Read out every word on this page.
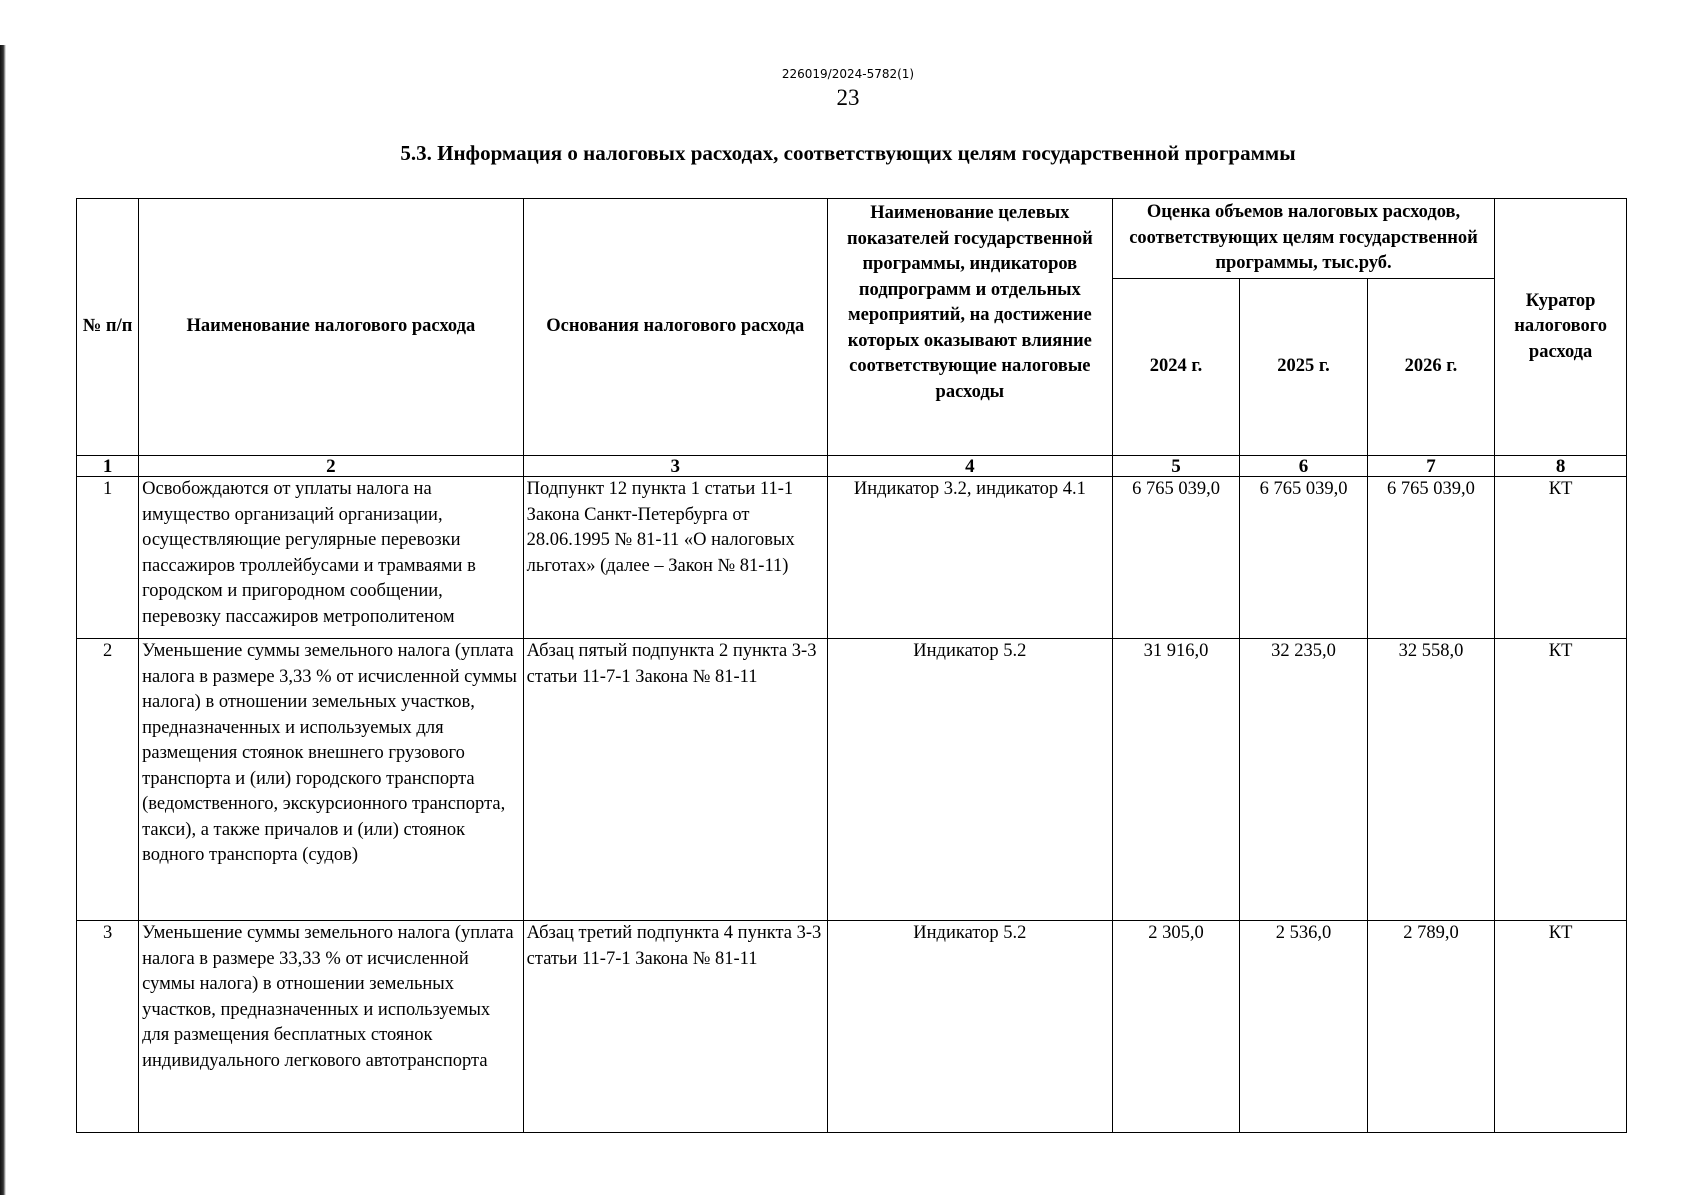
226019/2024-5782(1)
23
5.3. Информация о налоговых расходах, соответствующих целям государственной программы
№ п/п	Наименование налогового расхода	Основания налогового расхода	Наименование целевых показателей государственной программы, индикаторов подпрограмм и отдельных мероприятий, на достижение которых оказывают влияние соответствующие налоговые расходы	Оценка объемов налоговых расходов, соответствующих целям государственной программы, тыс.руб.			Куратор налогового расхода
				2024 г.	2025 г.	2026 г.	
1	2	3	4	5	6	7	8
1	Освобождаются от уплаты налога на имущество организаций организации, осуществляющие регулярные перевозки пассажиров троллейбусами и трамваями в городском и пригородном сообщении, перевозку пассажиров метрополитеном	Подпункт 12 пункта 1 статьи 11-1 Закона Санкт-Петербурга от 28.06.1995 № 81-11 «О налоговых льготах» (далее – Закон № 81-11)	Индикатор 3.2, индикатор 4.1	6 765 039,0	6 765 039,0	6 765 039,0	КТ
2	Уменьшение суммы земельного налога (уплата налога в размере 3,33 % от исчисленной суммы налога) в отношении земельных участков, предназначенных и используемых для размещения стоянок внешнего грузового транспорта и (или) городского транспорта (ведомственного, экскурсионного транспорта, такси), а также причалов и (или) стоянок водного транспорта (судов)	Абзац пятый подпункта 2 пункта 3-3 статьи 11-7-1 Закона № 81-11	Индикатор 5.2	31 916,0	32 235,0	32 558,0	КТ
3	Уменьшение суммы земельного налога (уплата налога в размере 33,33 % от исчисленной суммы налога) в отношении земельных участков, предназначенных и используемых для размещения бесплатных стоянок индивидуального легкового автотранспорта	Абзац третий подпункта 4 пункта 3-3 статьи 11-7-1 Закона № 81-11	Индикатор 5.2	2 305,0	2 536,0	2 789,0	КТ
